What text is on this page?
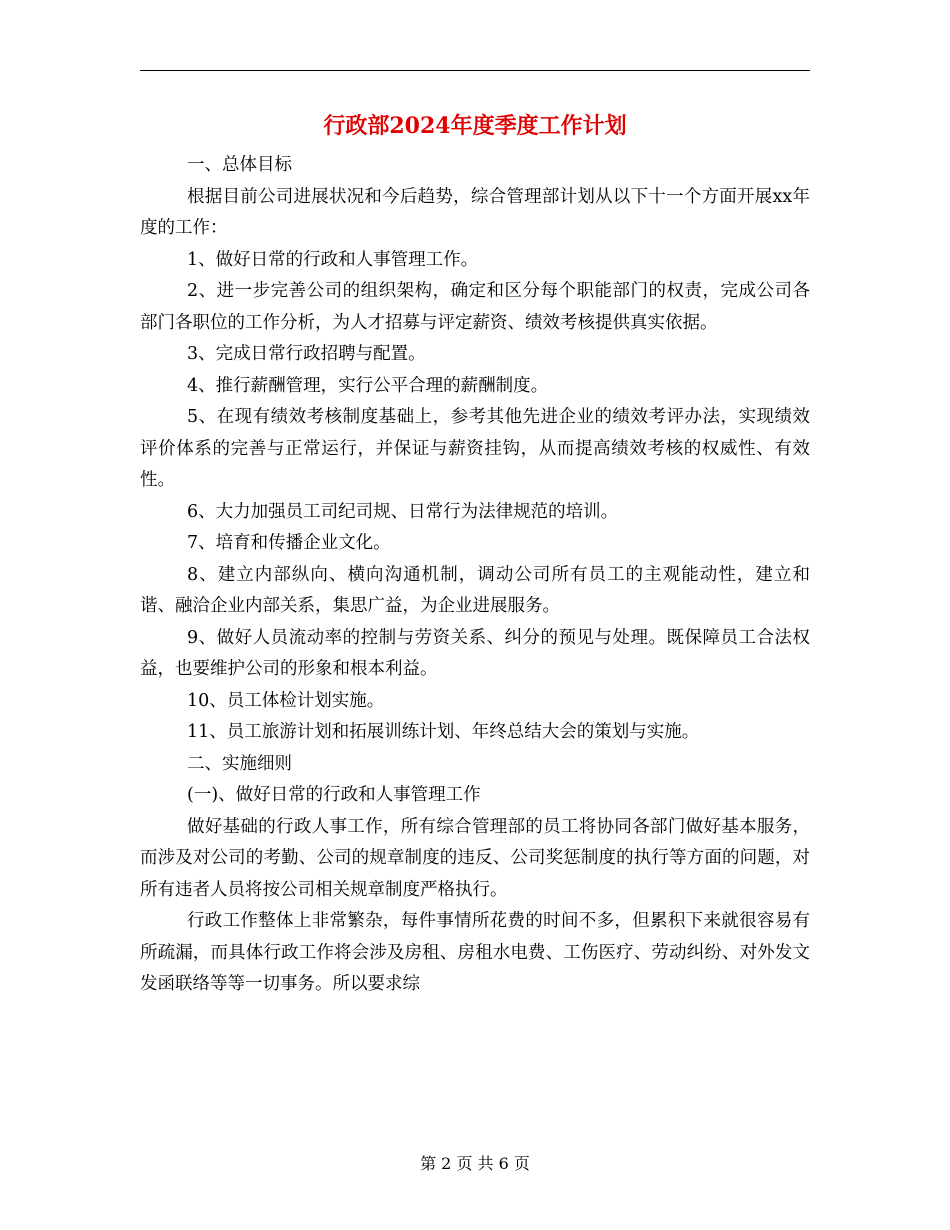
行政部2024年度季度工作计划

一、总体目标

根据目前公司进展状况和今后趋势，综合管理部计划从以下十一个方面开展xx年度的工作：

1、做好日常的行政和人事管理工作。

2、进一步完善公司的组织架构，确定和区分每个职能部门的权责，完成公司各部门各职位的工作分析，为人才招募与评定薪资、绩效考核提供真实依据。

3、完成日常行政招聘与配置。

4、推行薪酬管理，实行公平合理的薪酬制度。

5、在现有绩效考核制度基础上，参考其他先进企业的绩效考评办法，实现绩效评价体系的完善与正常运行，并保证与薪资挂钩，从而提高绩效考核的权威性、有效性。

6、大力加强员工司纪司规、日常行为法律规范的培训。

7、培育和传播企业文化。

8、建立内部纵向、横向沟通机制，调动公司所有员工的主观能动性，建立和谐、融洽企业内部关系，集思广益，为企业进展服务。

9、做好人员流动率的控制与劳资关系、纠分的预见与处理。既保障员工合法权益，也要维护公司的形象和根本利益。

10、员工体检计划实施。

11、员工旅游计划和拓展训练计划、年终总结大会的策划与实施。

二、实施细则

(一)、做好日常的行政和人事管理工作

做好基础的行政人事工作，所有综合管理部的员工将协同各部门做好基本服务，而涉及对公司的考勤、公司的规章制度的违反、公司奖惩制度的执行等方面的问题，对所有违者人员将按公司相关规章制度严格执行。

行政工作整体上非常繁杂，每件事情所花费的时间不多，但累积下来就很容易有所疏漏，而具体行政工作将会涉及房租、房租水电费、工伤医疗、劳动纠纷、对外发文发函联络等等一切事务。所以要求综

第 2 页 共 6 页
